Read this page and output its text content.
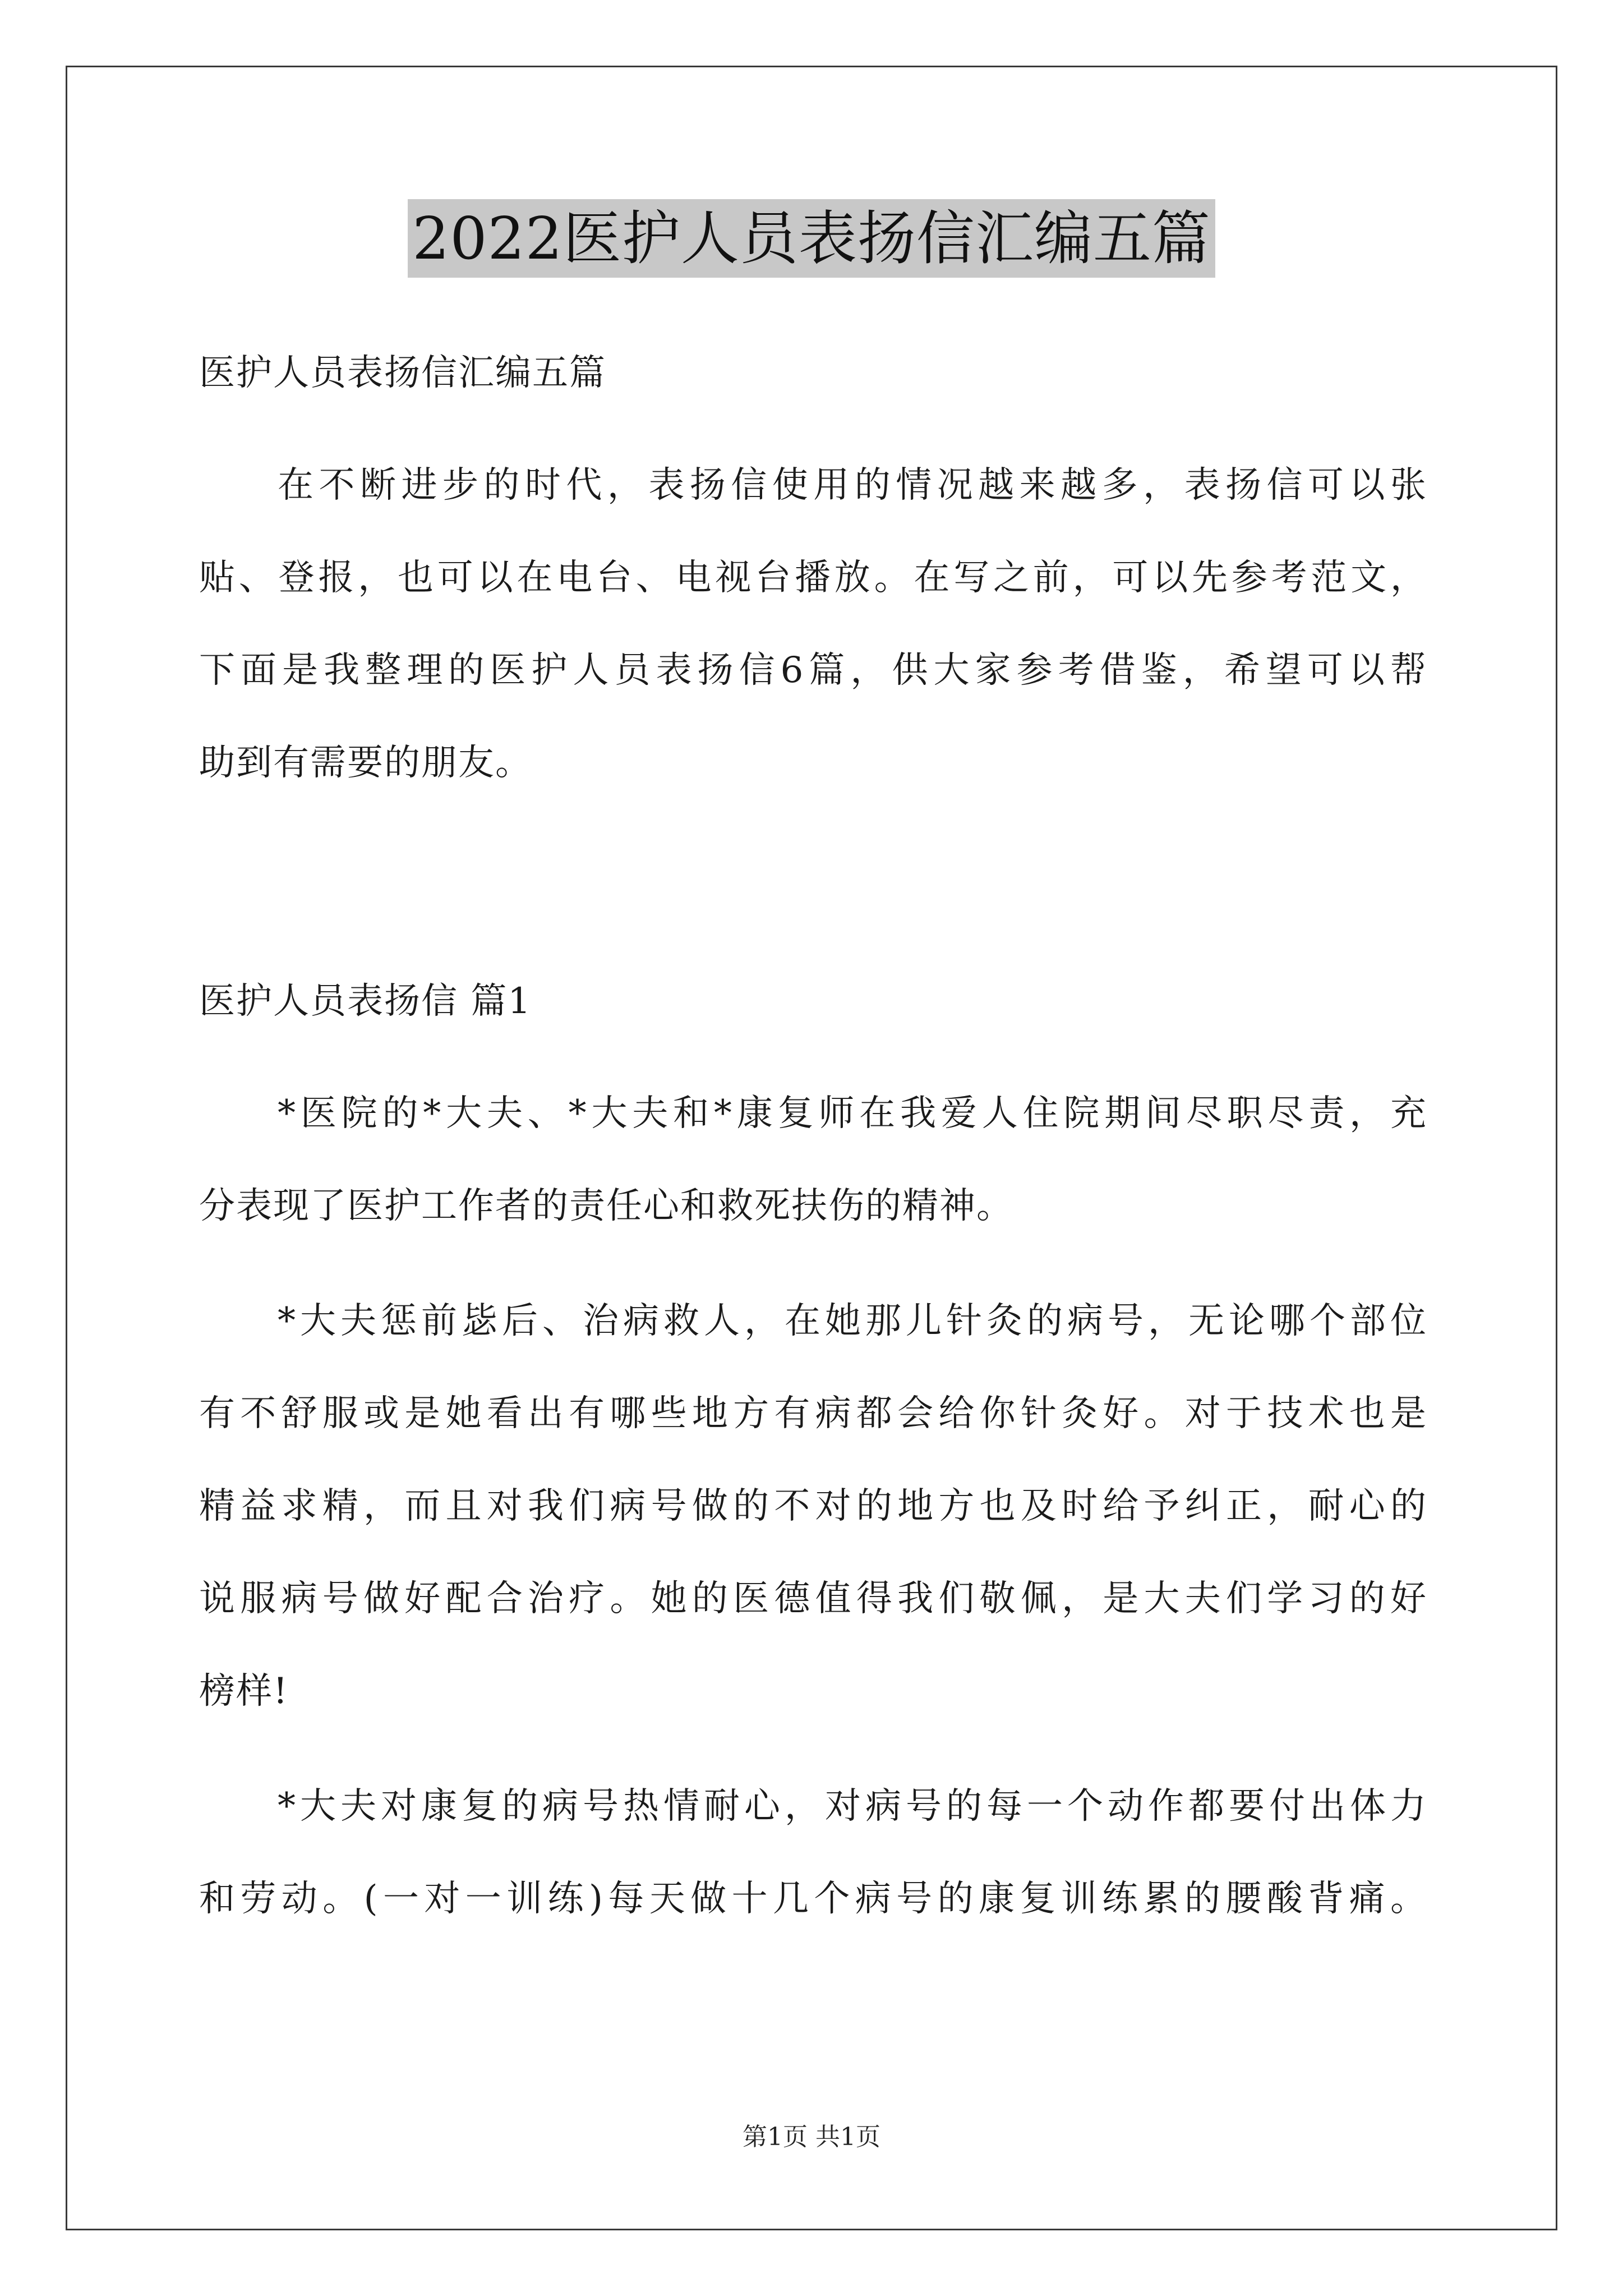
2022医护人员表扬信汇编五篇
医护人员表扬信汇编五篇
在不断进步的时代，表扬信使用的情况越来越多，表扬信可以张
贴、登报，也可以在电台、电视台播放。在写之前，可以先参考范文，
下面是我整理的医护人员表扬信6篇，供大家参考借鉴，希望可以帮
助到有需要的朋友。
医护人员表扬信 篇1
*医院的*大夫、*大夫和*康复师在我爱人住院期间尽职尽责，充
分表现了医护工作者的责任心和救死扶伤的精神。
*大夫惩前毖后、治病救人，在她那儿针灸的病号，无论哪个部位
有不舒服或是她看出有哪些地方有病都会给你针灸好。对于技术也是
精益求精，而且对我们病号做的不对的地方也及时给予纠正，耐心的
说服病号做好配合治疗。她的医德值得我们敬佩，是大夫们学习的好
榜样!
*大夫对康复的病号热情耐心，对病号的每一个动作都要付出体力
和劳动。(一对一训练)每天做十几个病号的康复训练累的腰酸背痛。
第1页 共1页
